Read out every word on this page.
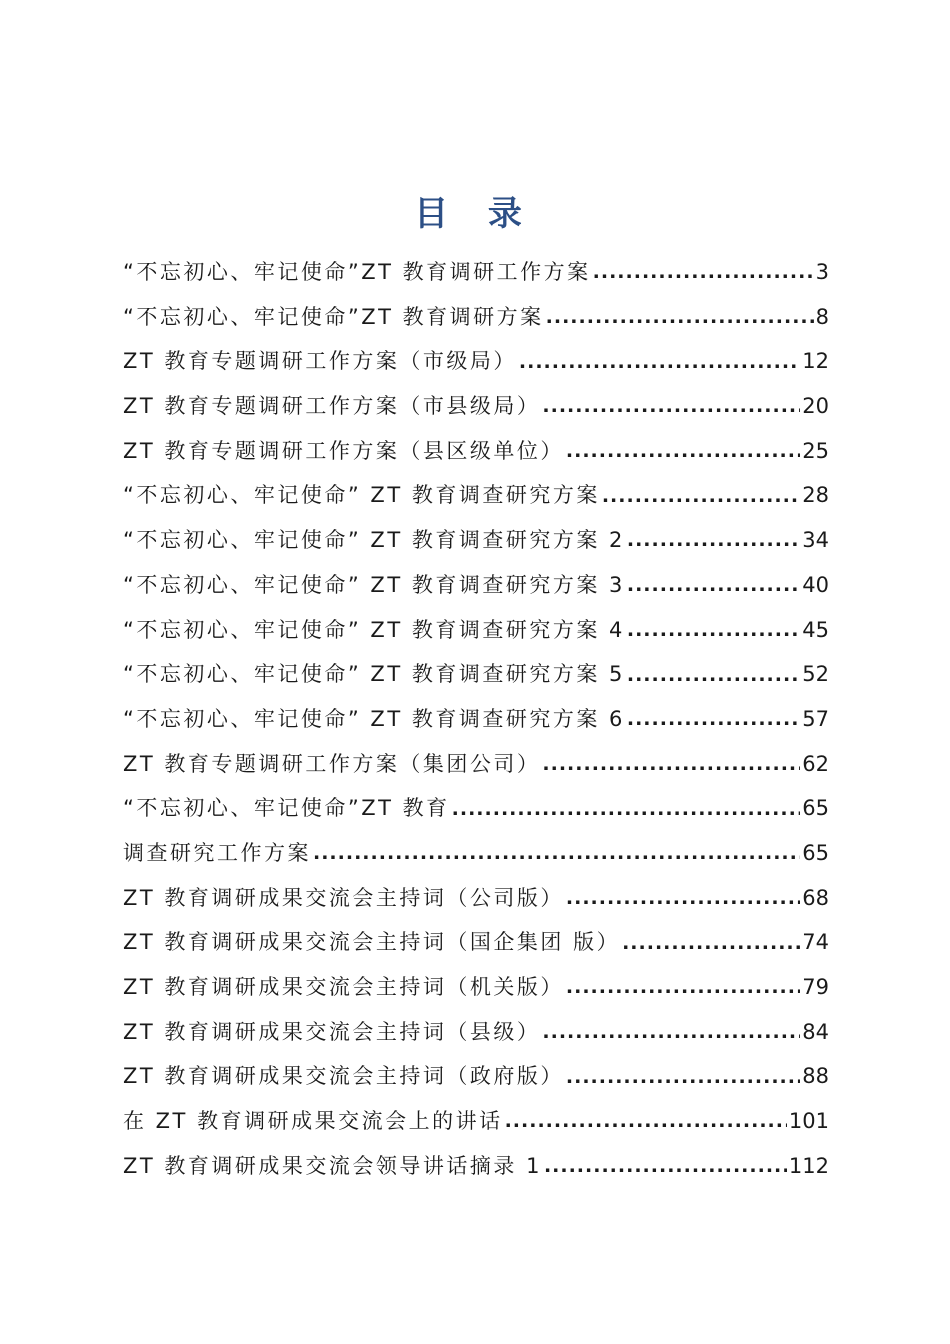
目 录
“不忘初心、牢记使命”ZT 教育调研工作方案 .....	3
“不忘初心、牢记使命”ZT 教育调研方案 .....	8
ZT 教育专题调研工作方案（市级局） .....	12
ZT 教育专题调研工作方案（市县级局） .....	20
ZT 教育专题调研工作方案（县区级单位） .....	25
“不忘初心、牢记使命” ZT 教育调查研究方案 .....	28
“不忘初心、牢记使命” ZT 教育调查研究方案 2 .....	34
“不忘初心、牢记使命” ZT 教育调查研究方案 3 .....	40
“不忘初心、牢记使命” ZT 教育调查研究方案 4 .....	45
“不忘初心、牢记使命” ZT 教育调查研究方案 5 .....	52
“不忘初心、牢记使命” ZT 教育调查研究方案 6 .....	57
ZT 教育专题调研工作方案（集团公司） .....	62
“不忘初心、牢记使命”ZT 教育 .....	65
调查研究工作方案 .....	65
ZT 教育调研成果交流会主持词（公司版） .....	68
ZT 教育调研成果交流会主持词（国企集团 版） .....	74
ZT 教育调研成果交流会主持词（机关版） .....	79
ZT 教育调研成果交流会主持词（县级） .....	84
ZT 教育调研成果交流会主持词（政府版） .....	88
在 ZT 教育调研成果交流会上的讲话 .....	101
ZT 教育调研成果交流会领导讲话摘录 1 .....	112
